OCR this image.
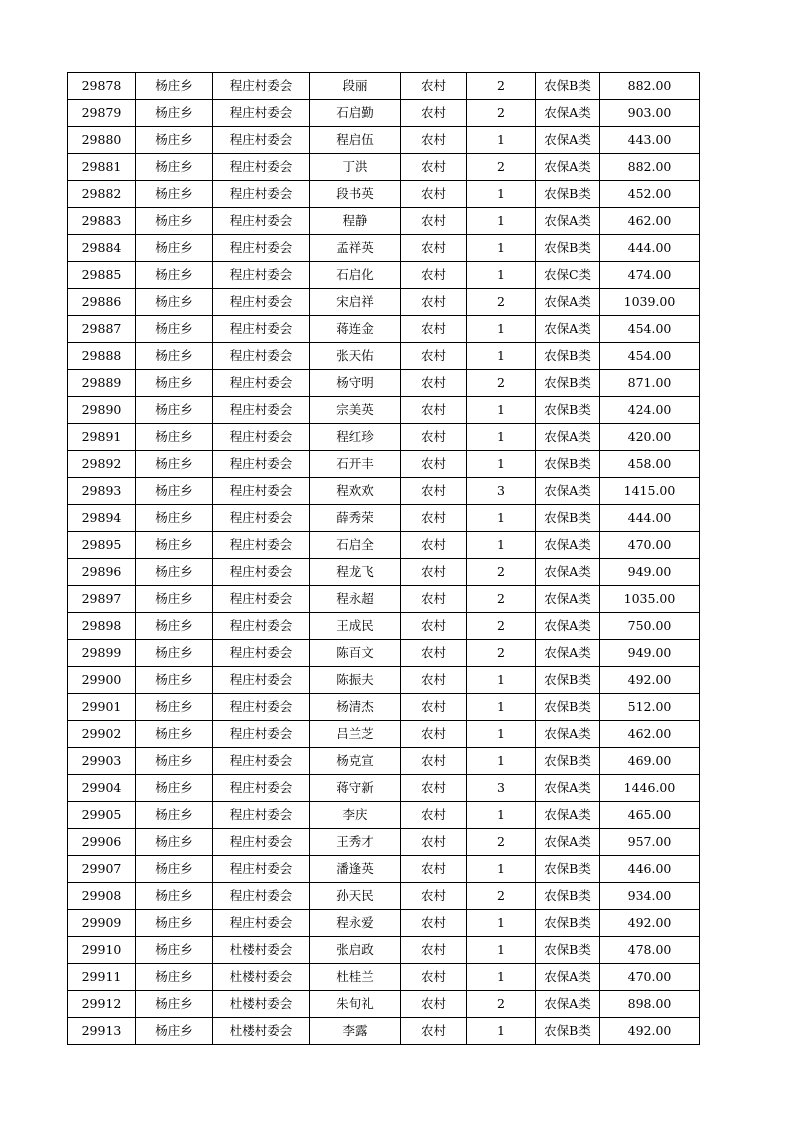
29878	杨庄乡	程庄村委会	段丽	农村	2	农保B类	882.00
29879	杨庄乡	程庄村委会	石启勤	农村	2	农保A类	903.00
29880	杨庄乡	程庄村委会	程启伍	农村	1	农保A类	443.00
29881	杨庄乡	程庄村委会	丁洪	农村	2	农保A类	882.00
29882	杨庄乡	程庄村委会	段书英	农村	1	农保B类	452.00
29883	杨庄乡	程庄村委会	程静	农村	1	农保A类	462.00
29884	杨庄乡	程庄村委会	孟祥英	农村	1	农保B类	444.00
29885	杨庄乡	程庄村委会	石启化	农村	1	农保C类	474.00
29886	杨庄乡	程庄村委会	宋启祥	农村	2	农保A类	1039.00
29887	杨庄乡	程庄村委会	蒋连金	农村	1	农保A类	454.00
29888	杨庄乡	程庄村委会	张天佑	农村	1	农保B类	454.00
29889	杨庄乡	程庄村委会	杨守明	农村	2	农保B类	871.00
29890	杨庄乡	程庄村委会	宗美英	农村	1	农保B类	424.00
29891	杨庄乡	程庄村委会	程红珍	农村	1	农保A类	420.00
29892	杨庄乡	程庄村委会	石开丰	农村	1	农保B类	458.00
29893	杨庄乡	程庄村委会	程欢欢	农村	3	农保A类	1415.00
29894	杨庄乡	程庄村委会	薛秀荣	农村	1	农保B类	444.00
29895	杨庄乡	程庄村委会	石启全	农村	1	农保A类	470.00
29896	杨庄乡	程庄村委会	程龙飞	农村	2	农保A类	949.00
29897	杨庄乡	程庄村委会	程永超	农村	2	农保A类	1035.00
29898	杨庄乡	程庄村委会	王成民	农村	2	农保A类	750.00
29899	杨庄乡	程庄村委会	陈百文	农村	2	农保A类	949.00
29900	杨庄乡	程庄村委会	陈振夫	农村	1	农保B类	492.00
29901	杨庄乡	程庄村委会	杨清杰	农村	1	农保B类	512.00
29902	杨庄乡	程庄村委会	吕兰芝	农村	1	农保A类	462.00
29903	杨庄乡	程庄村委会	杨克宣	农村	1	农保B类	469.00
29904	杨庄乡	程庄村委会	蒋守新	农村	3	农保A类	1446.00
29905	杨庄乡	程庄村委会	李庆	农村	1	农保A类	465.00
29906	杨庄乡	程庄村委会	王秀才	农村	2	农保A类	957.00
29907	杨庄乡	程庄村委会	潘逢英	农村	1	农保B类	446.00
29908	杨庄乡	程庄村委会	孙天民	农村	2	农保B类	934.00
29909	杨庄乡	程庄村委会	程永爱	农村	1	农保B类	492.00
29910	杨庄乡	杜楼村委会	张启政	农村	1	农保B类	478.00
29911	杨庄乡	杜楼村委会	杜桂兰	农村	1	农保A类	470.00
29912	杨庄乡	杜楼村委会	朱旬礼	农村	2	农保A类	898.00
29913	杨庄乡	杜楼村委会	李露	农村	1	农保B类	492.00
